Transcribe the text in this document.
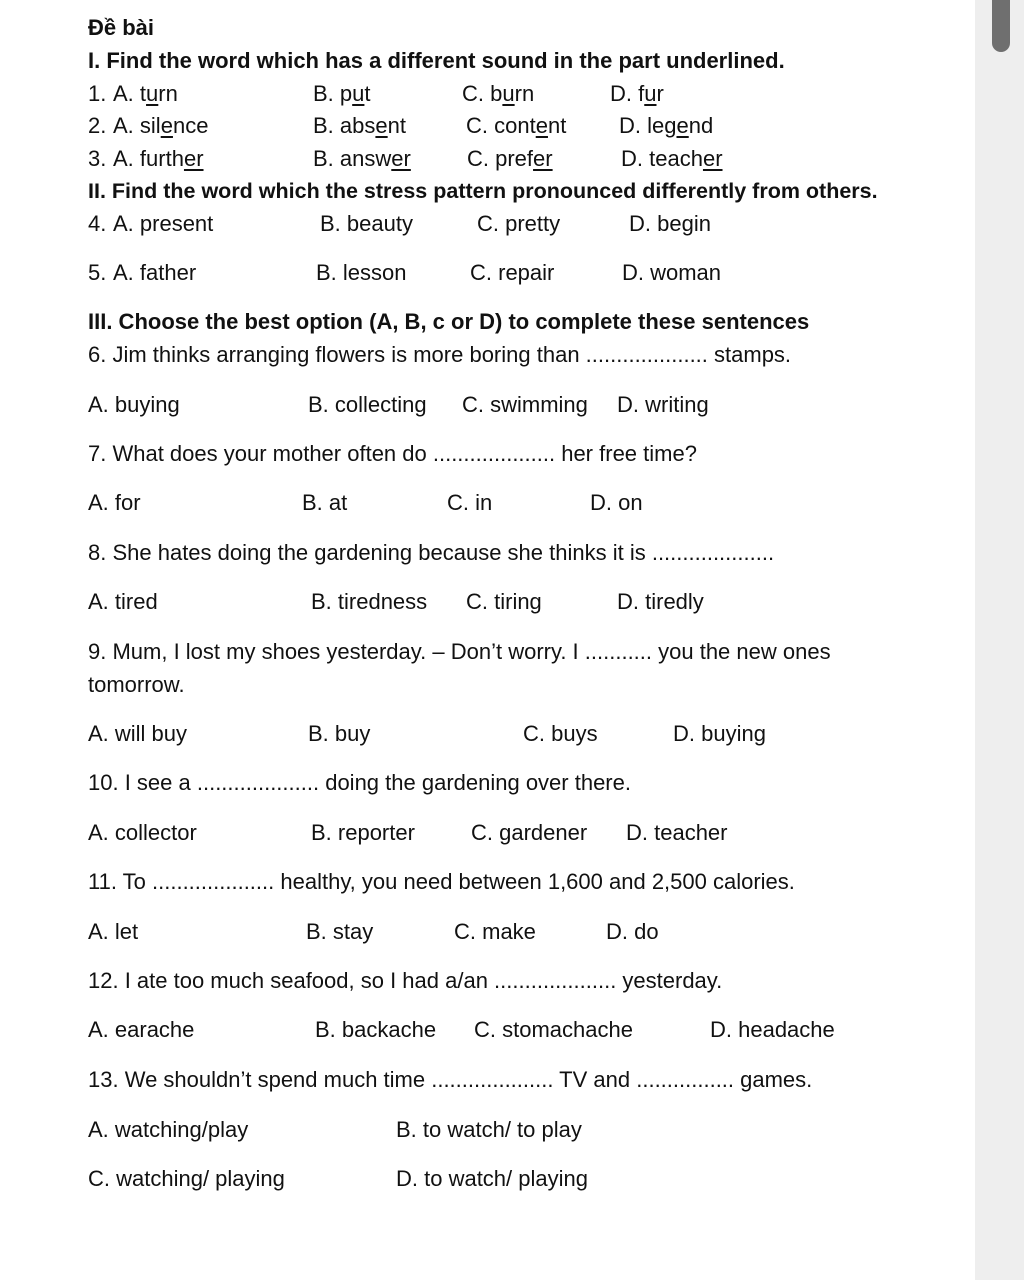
Đề bài
I. Find the word which has a different sound in the part underlined.
1. A. turn	B. put	C. burn	D. fur
2. A. silence	B. absent	C. content D. legend
3. A. further	B. answer	C. prefer	D. teacher
II. Find the word which the stress pattern pronounced differently from others.
4. A. present	B. beauty	C. pretty	D. begin
5. A. father	B. lesson	C. repair	D. woman
III. Choose the best option (A, B, c or D) to complete these sentences
6. Jim thinks arranging flowers is more boring than .................... stamps.
A. buying	B. collecting C. swimming D. writing
7. What does your mother often do .................... her free time?
A. for	B. at	C. in	D. on
8. She hates doing the gardening because she thinks it is ....................
A. tired	B. tiredness C. tiring	D. tiredly
9. Mum, I lost my shoes yesterday. – Don’t worry. I ........... you the new ones
tomorrow.
A. will buy	B. buy	C. buys	D. buying
10. I see a .................... doing the gardening over there.
A. collector	B. reporter	C. gardener D. teacher
11. To .................... healthy, you need between 1,600 and 2,500 calories.
A. let	B. stay	C. make	D. do
12. I ate too much seafood, so I had a/an .................... yesterday.
A. earache	B. backache C. stomachache	D. headache
13. We shouldn’t spend much time .................... TV and ................ games.
A. watching/play	B. to watch/ to play
C. watching/ playing	D. to watch/ playing
